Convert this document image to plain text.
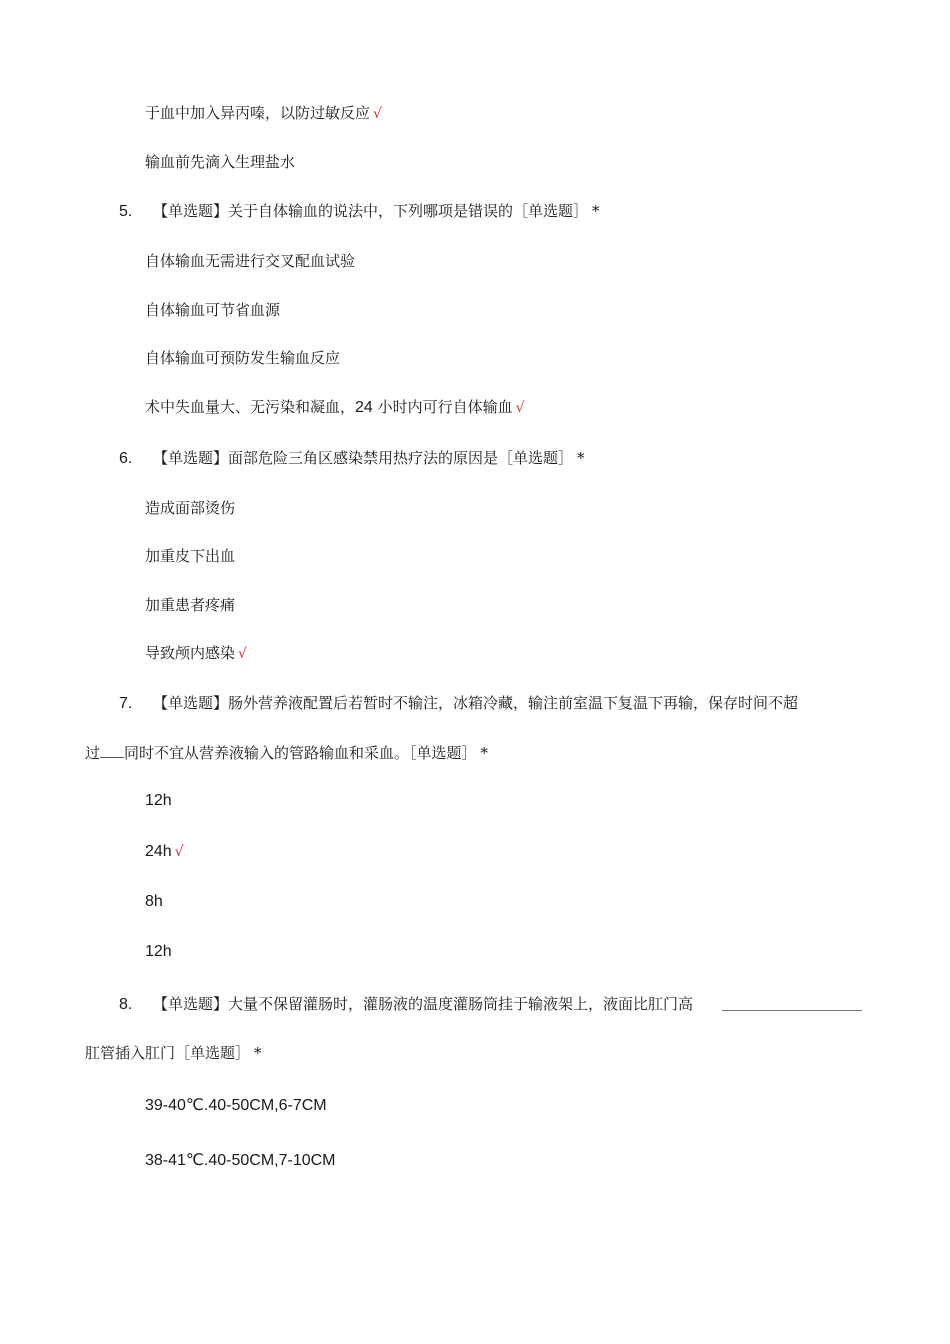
于血中加入异丙嗪，以防过敏反应 √
输血前先滴入生理盐水
5. 【单选题】关于自体输血的说法中，下列哪项是错误的［单选题］ *
自体输血无需进行交叉配血试验
自体输血可节省血源
自体输血可预防发生输血反应
术中失血量大、无污染和凝血，24 小时内可行自体输血 √
6. 【单选题】面部危险三角区感染禁用热疗法的原因是［单选题］ *
造成面部烫伤
加重皮下出血
加重患者疼痛
导致颅内感染 √
7. 【单选题】肠外营养液配置后若暂时不输注，冰箱冷藏，输注前室温下复温下再输，保存时间不超
过 同时不宜从营养液输入的管路输血和采血。［单选题］ *
12h
24h √
8h
12h
8. 【单选题】大量不保留灌肠时，灌肠液的温度灌肠筒挂于输液架上，液面比肛门高
肛管插入肛门［单选题］ *
39-40℃.40-50CM,6-7CM
38-41℃.40-50CM,7-10CM
